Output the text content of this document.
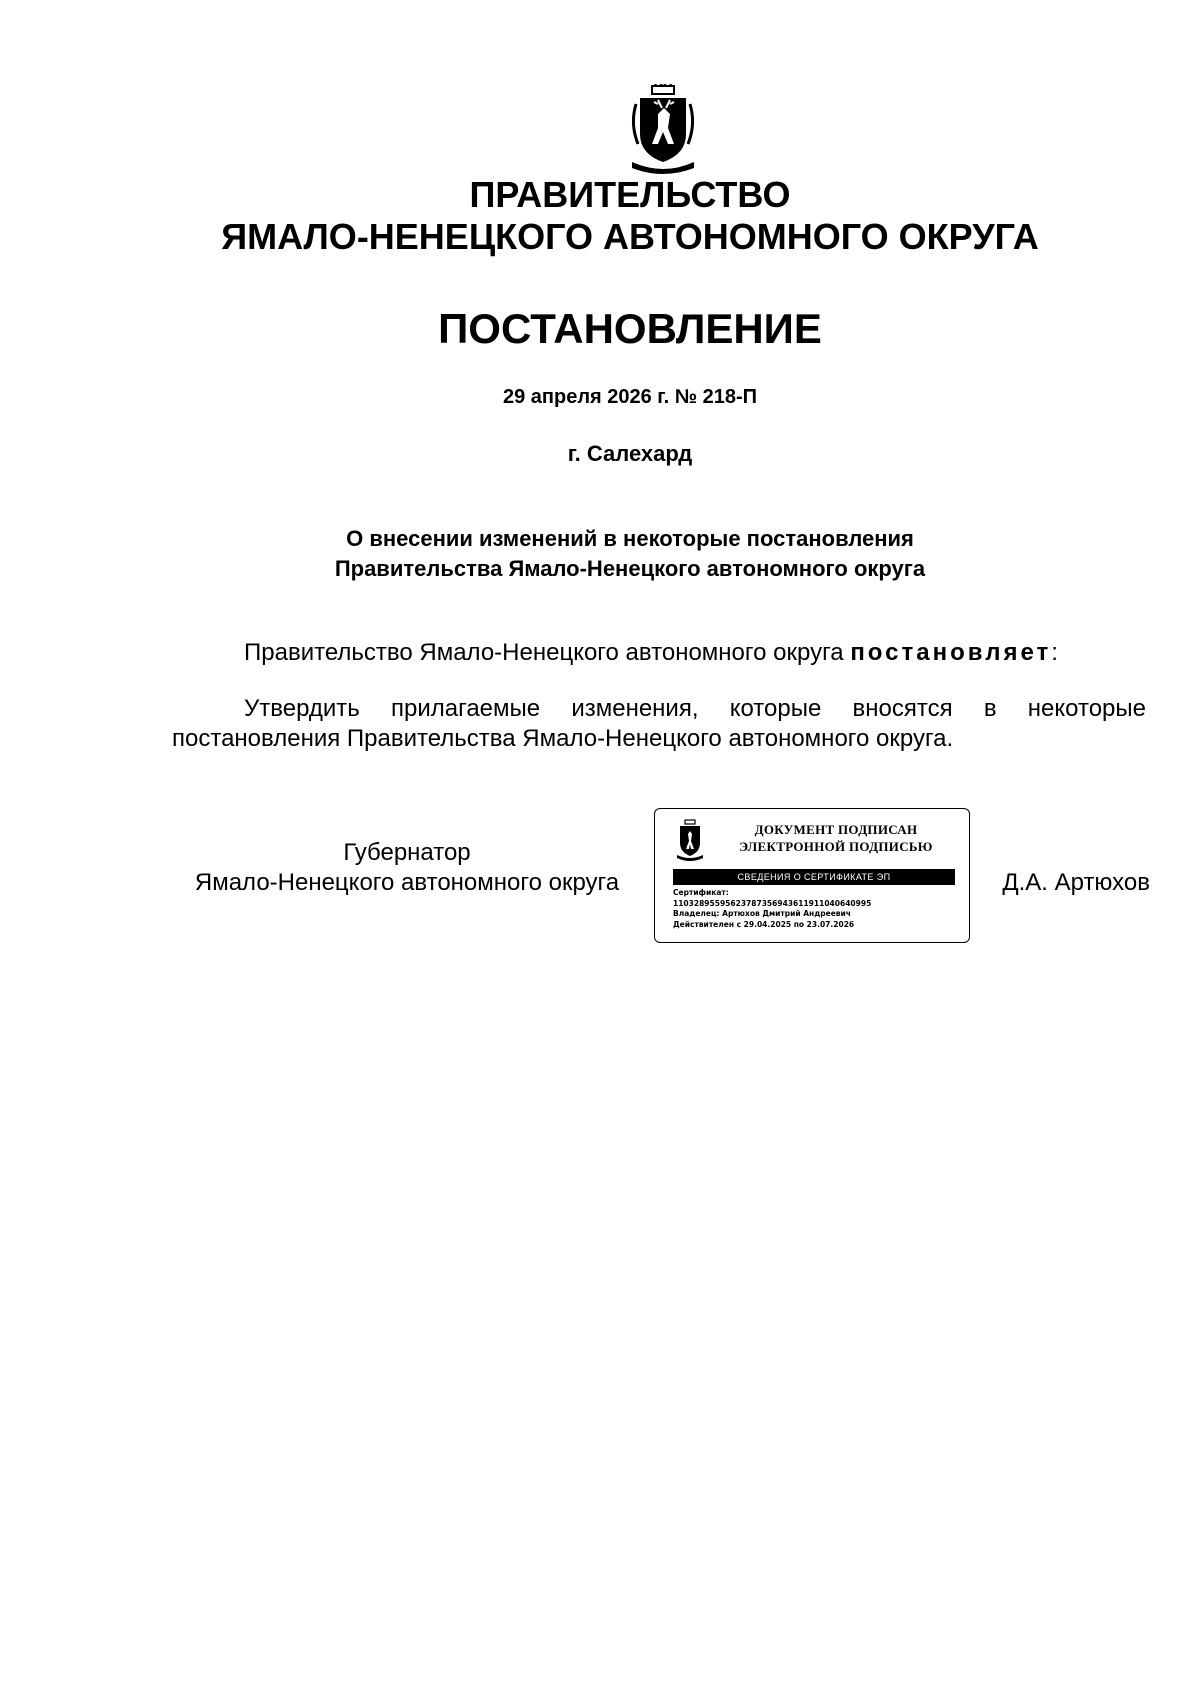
ПРАВИТЕЛЬСТВО
ЯМАЛО-НЕНЕЦКОГО АВТОНОМНОГО ОКРУГА
ПОСТАНОВЛЕНИЕ
29 апреля 2026 г. № 218-П
г. Салехард
О внесении изменений в некоторые постановления
Правительства Ямало-Ненецкого автономного округа
Правительство Ямало-Ненецкого автономного округа постановляет:
Утвердить прилагаемые изменения, которые вносятся в некоторые постановления Правительства Ямало-Ненецкого автономного округа.
Губернатор
Ямало-Ненецкого автономного округа
ДОКУМЕНТ ПОДПИСАН
ЭЛЕКТРОННОЙ ПОДПИСЬЮ
СВЕДЕНИЯ О СЕРТИФИКАТЕ ЭП
Сертификат:
11032895595623787356943611911040640995
Владелец: Артюхов Дмитрий Андреевич
Действителен с 29.04.2025 по 23.07.2026
Д.А. Артюхов
